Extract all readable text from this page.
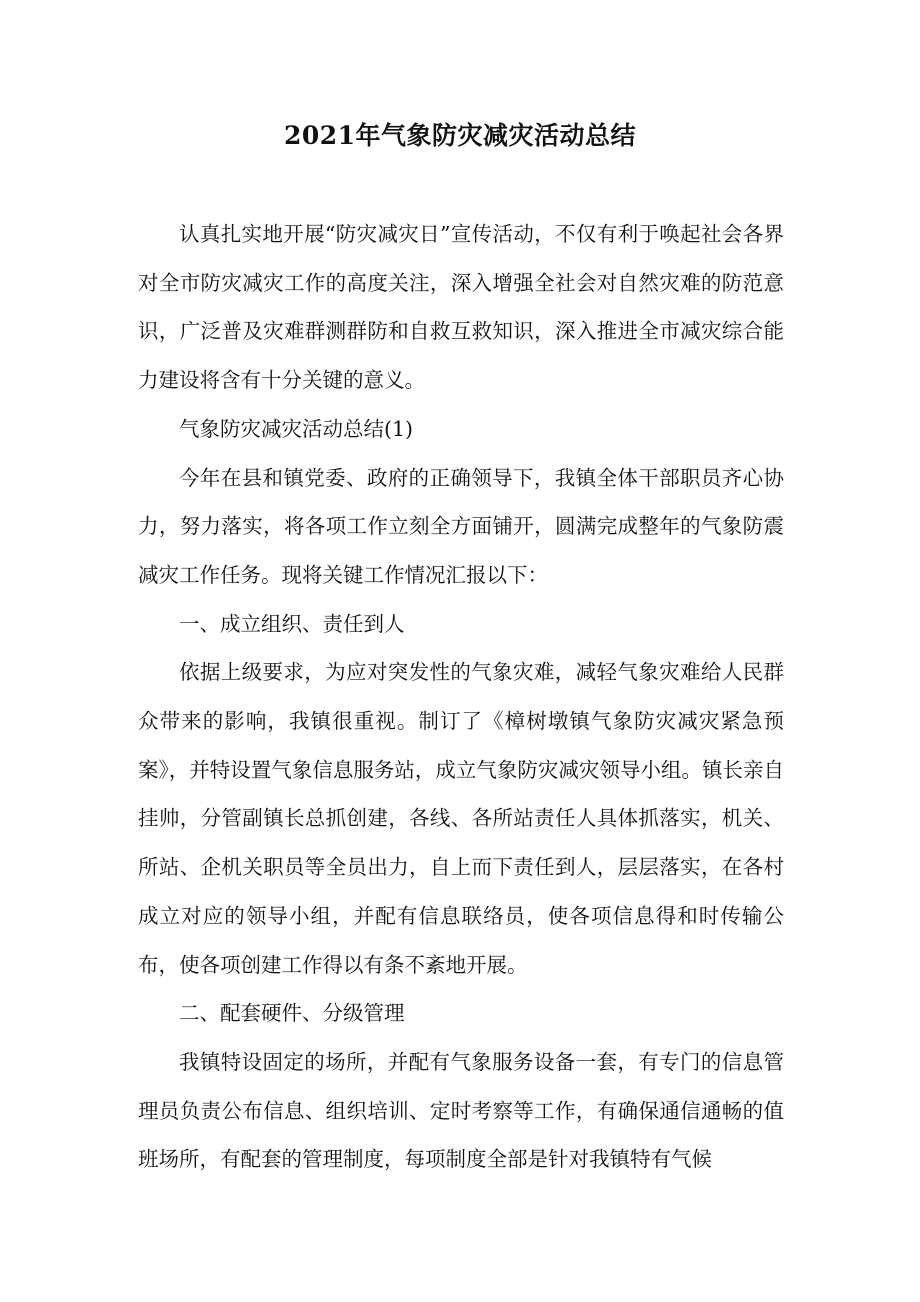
2021年气象防灾减灾活动总结

认真扎实地开展“防灾减灾日”宣传活动，不仅有利于唤起社会各界对全市防灾减灾工作的高度关注，深入增强全社会对自然灾难的防范意识，广泛普及灾难群测群防和自救互救知识，深入推进全市减灾综合能力建设将含有十分关键的意义。

气象防灾减灾活动总结(1)

今年在县和镇党委、政府的正确领导下，我镇全体干部职员齐心协力，努力落实，将各项工作立刻全方面铺开，圆满完成整年的气象防震减灾工作任务。现将关键工作情况汇报以下：

一、成立组织、责任到人

依据上级要求，为应对突发性的气象灾难，减轻气象灾难给人民群众带来的影响，我镇很重视。制订了《樟树墩镇气象防灾减灾紧急预案》，并特设置气象信息服务站，成立气象防灾减灾领导小组。镇长亲自挂帅，分管副镇长总抓创建，各线、各所站责任人具体抓落实，机关、所站、企机关职员等全员出力，自上而下责任到人，层层落实，在各村成立对应的领导小组，并配有信息联络员，使各项信息得和时传输公布，使各项创建工作得以有条不紊地开展。

二、配套硬件、分级管理

我镇特设固定的场所，并配有气象服务设备一套，有专门的信息管理员负责公布信息、组织培训、定时考察等工作，有确保通信通畅的值班场所，有配套的管理制度，每项制度全部是针对我镇特有气候
